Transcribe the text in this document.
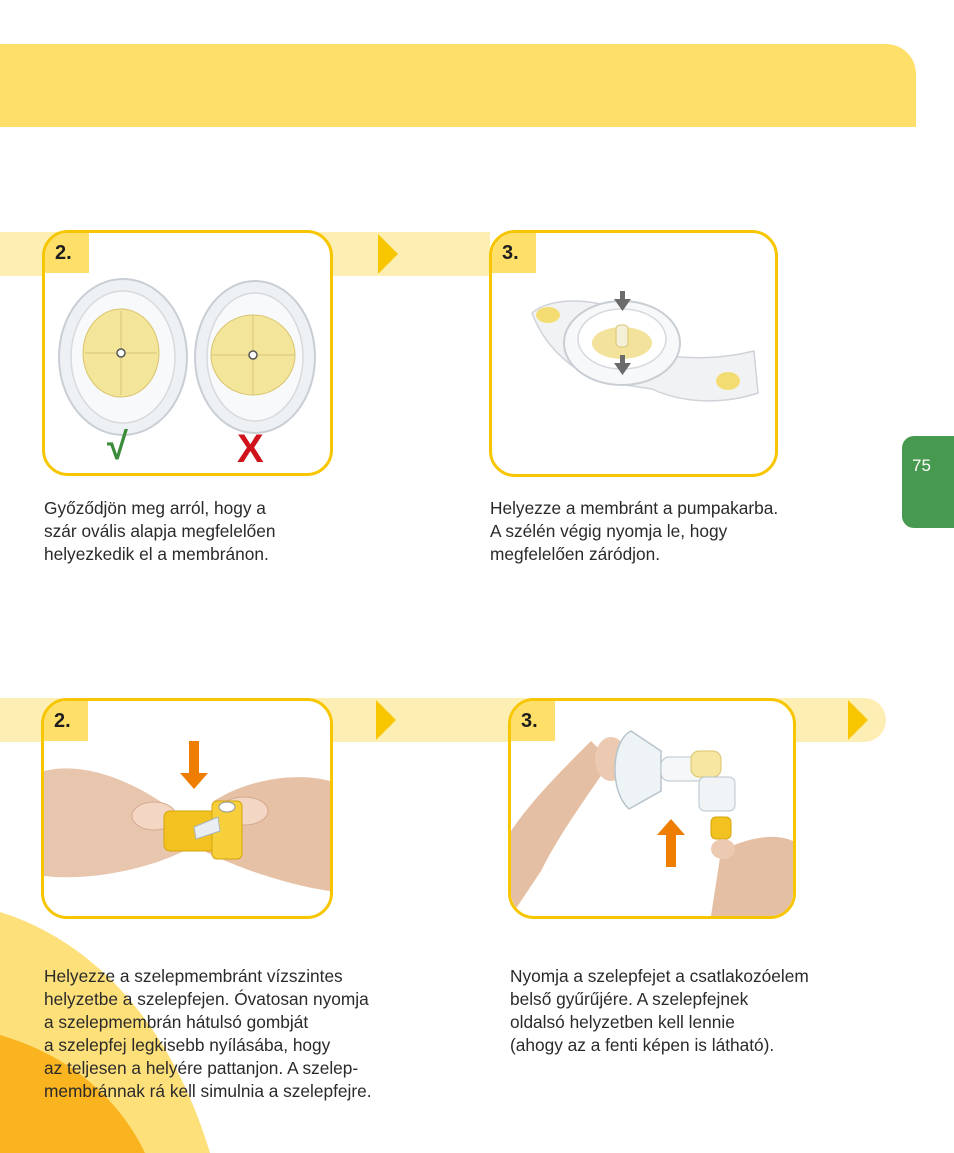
75
2.
√	X

Győződjön meg arról, hogy a
szár ovális alapja megfelelően
helyezkedik el a membránon.

3.

Helyezze a membránt a pumpakarba.
A szélén végig nyomja le, hogy
megfelelően záródjon.

2.

Helyezze a szelepmembránt vízszintes
helyzetbe a szelepfejen. Óvatosan nyomja
a szelepmembrán hátulsó gombját
a szelepfej legkisebb nyílásába, hogy
az teljesen a helyére pattanjon. A szelep-
membránnak rá kell simulnia a szelepfejre.

3.

Nyomja a szelepfejet a csatlakozóelem
belső gyűrűjére. A szelepfejnek
oldalsó helyzetben kell lennie
(ahogy az a fenti képen is látható).
